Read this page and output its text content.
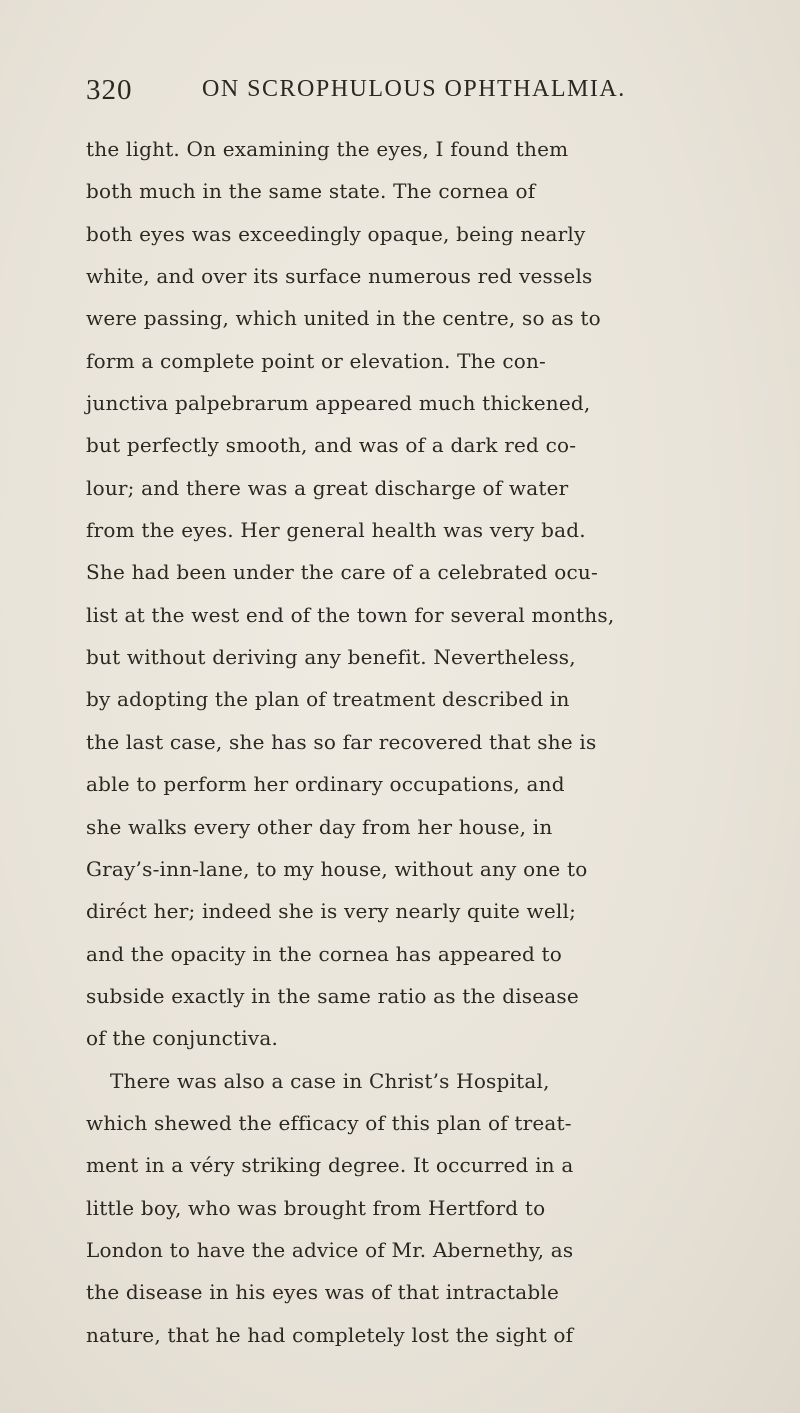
320	ON SCROPHULOUS OPHTHALMIA.
the light. On examining the eyes, I found them
both much in the same state. The cornea of
both eyes was exceedingly opaque, being nearly
white, and over its surface numerous red vessels
were passing, which united in the centre, so as to
form a complete point or elevation. The con-
junctiva palpebrarum appeared much thickened,
but perfectly smooth, and was of a dark red co-
lour; and there was a great discharge of water
from the eyes. Her general health was very bad.
She had been under the care of a celebrated ocu-
list at the west end of the town for several months,
but without deriving any benefit. Nevertheless,
by adopting the plan of treatment described in
the last case, she has so far recovered that she is
able to perform her ordinary occupations, and
she walks every other day from her house, in
Gray’s-inn-lane, to my house, without any one to
diréct her; indeed she is very nearly quite well;
and the opacity in the cornea has appeared to
subside exactly in the same ratio as the disease
of the conjunctiva.
There was also a case in Christ’s Hospital,
which shewed the efficacy of this plan of treat-
ment in a véry striking degree. It occurred in a
little boy, who was brought from Hertford to
London to have the advice of Mr. Abernethy, as
the disease in his eyes was of that intractable
nature, that he had completely lost the sight of
